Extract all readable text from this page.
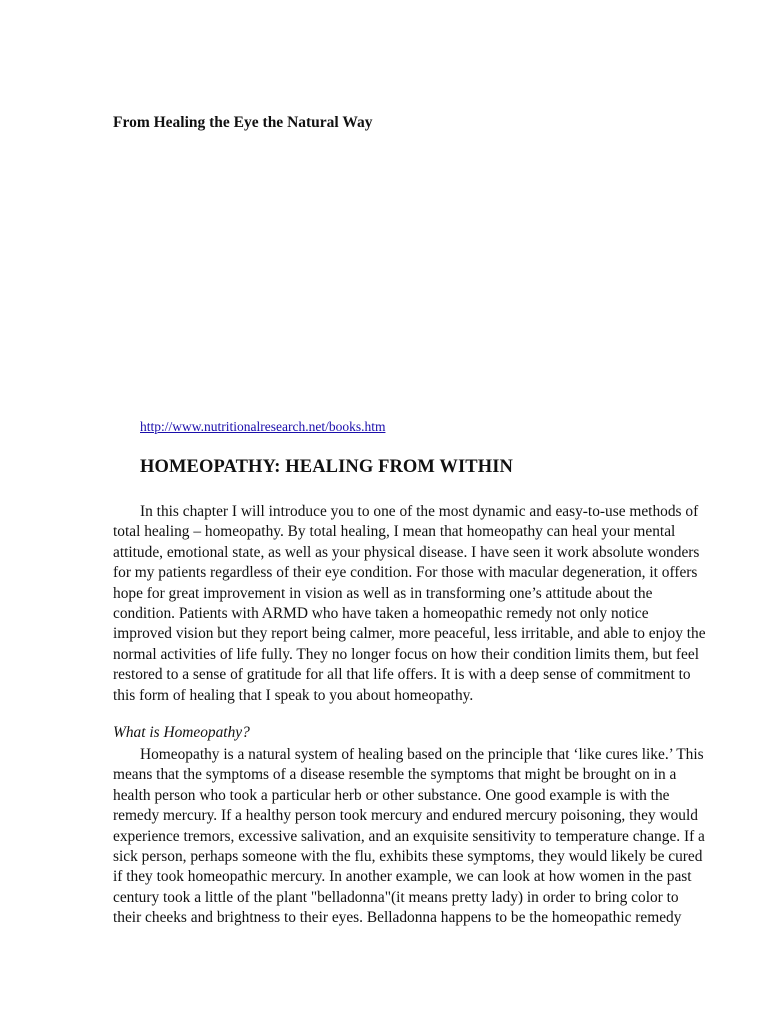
From Healing the Eye the Natural Way
http://www.nutritionalresearch.net/books.htm
HOMEOPATHY: HEALING FROM WITHIN
In this chapter I will introduce you to one of the most dynamic and easy-to-use methods of
total healing – homeopathy. By total healing, I mean that homeopathy can heal your mental
attitude, emotional state, as well as your physical disease. I have seen it work absolute wonders
for my patients regardless of their eye condition. For those with macular degeneration, it offers
hope for great improvement in vision as well as in transforming one’s attitude about the
condition. Patients with ARMD who have taken a homeopathic remedy not only notice
improved vision but they report being calmer, more peaceful, less irritable, and able to enjoy the
normal activities of life fully. They no longer focus on how their condition limits them, but feel
restored to a sense of gratitude for all that life offers. It is with a deep sense of commitment to
this form of healing that I speak to you about homeopathy.
What is Homeopathy?
Homeopathy is a natural system of healing based on the principle that ‘like cures like.’ This
means that the symptoms of a disease resemble the symptoms that might be brought on in a
health person who took a particular herb or other substance. One good example is with the
remedy mercury. If a healthy person took mercury and endured mercury poisoning, they would
experience tremors, excessive salivation, and an exquisite sensitivity to temperature change. If a
sick person, perhaps someone with the flu, exhibits these symptoms, they would likely be cured
if they took homeopathic mercury. In another example, we can look at how women in the past
century took a little of the plant "belladonna"(it means pretty lady) in order to bring color to
their cheeks and brightness to their eyes. Belladonna happens to be the homeopathic remedy
